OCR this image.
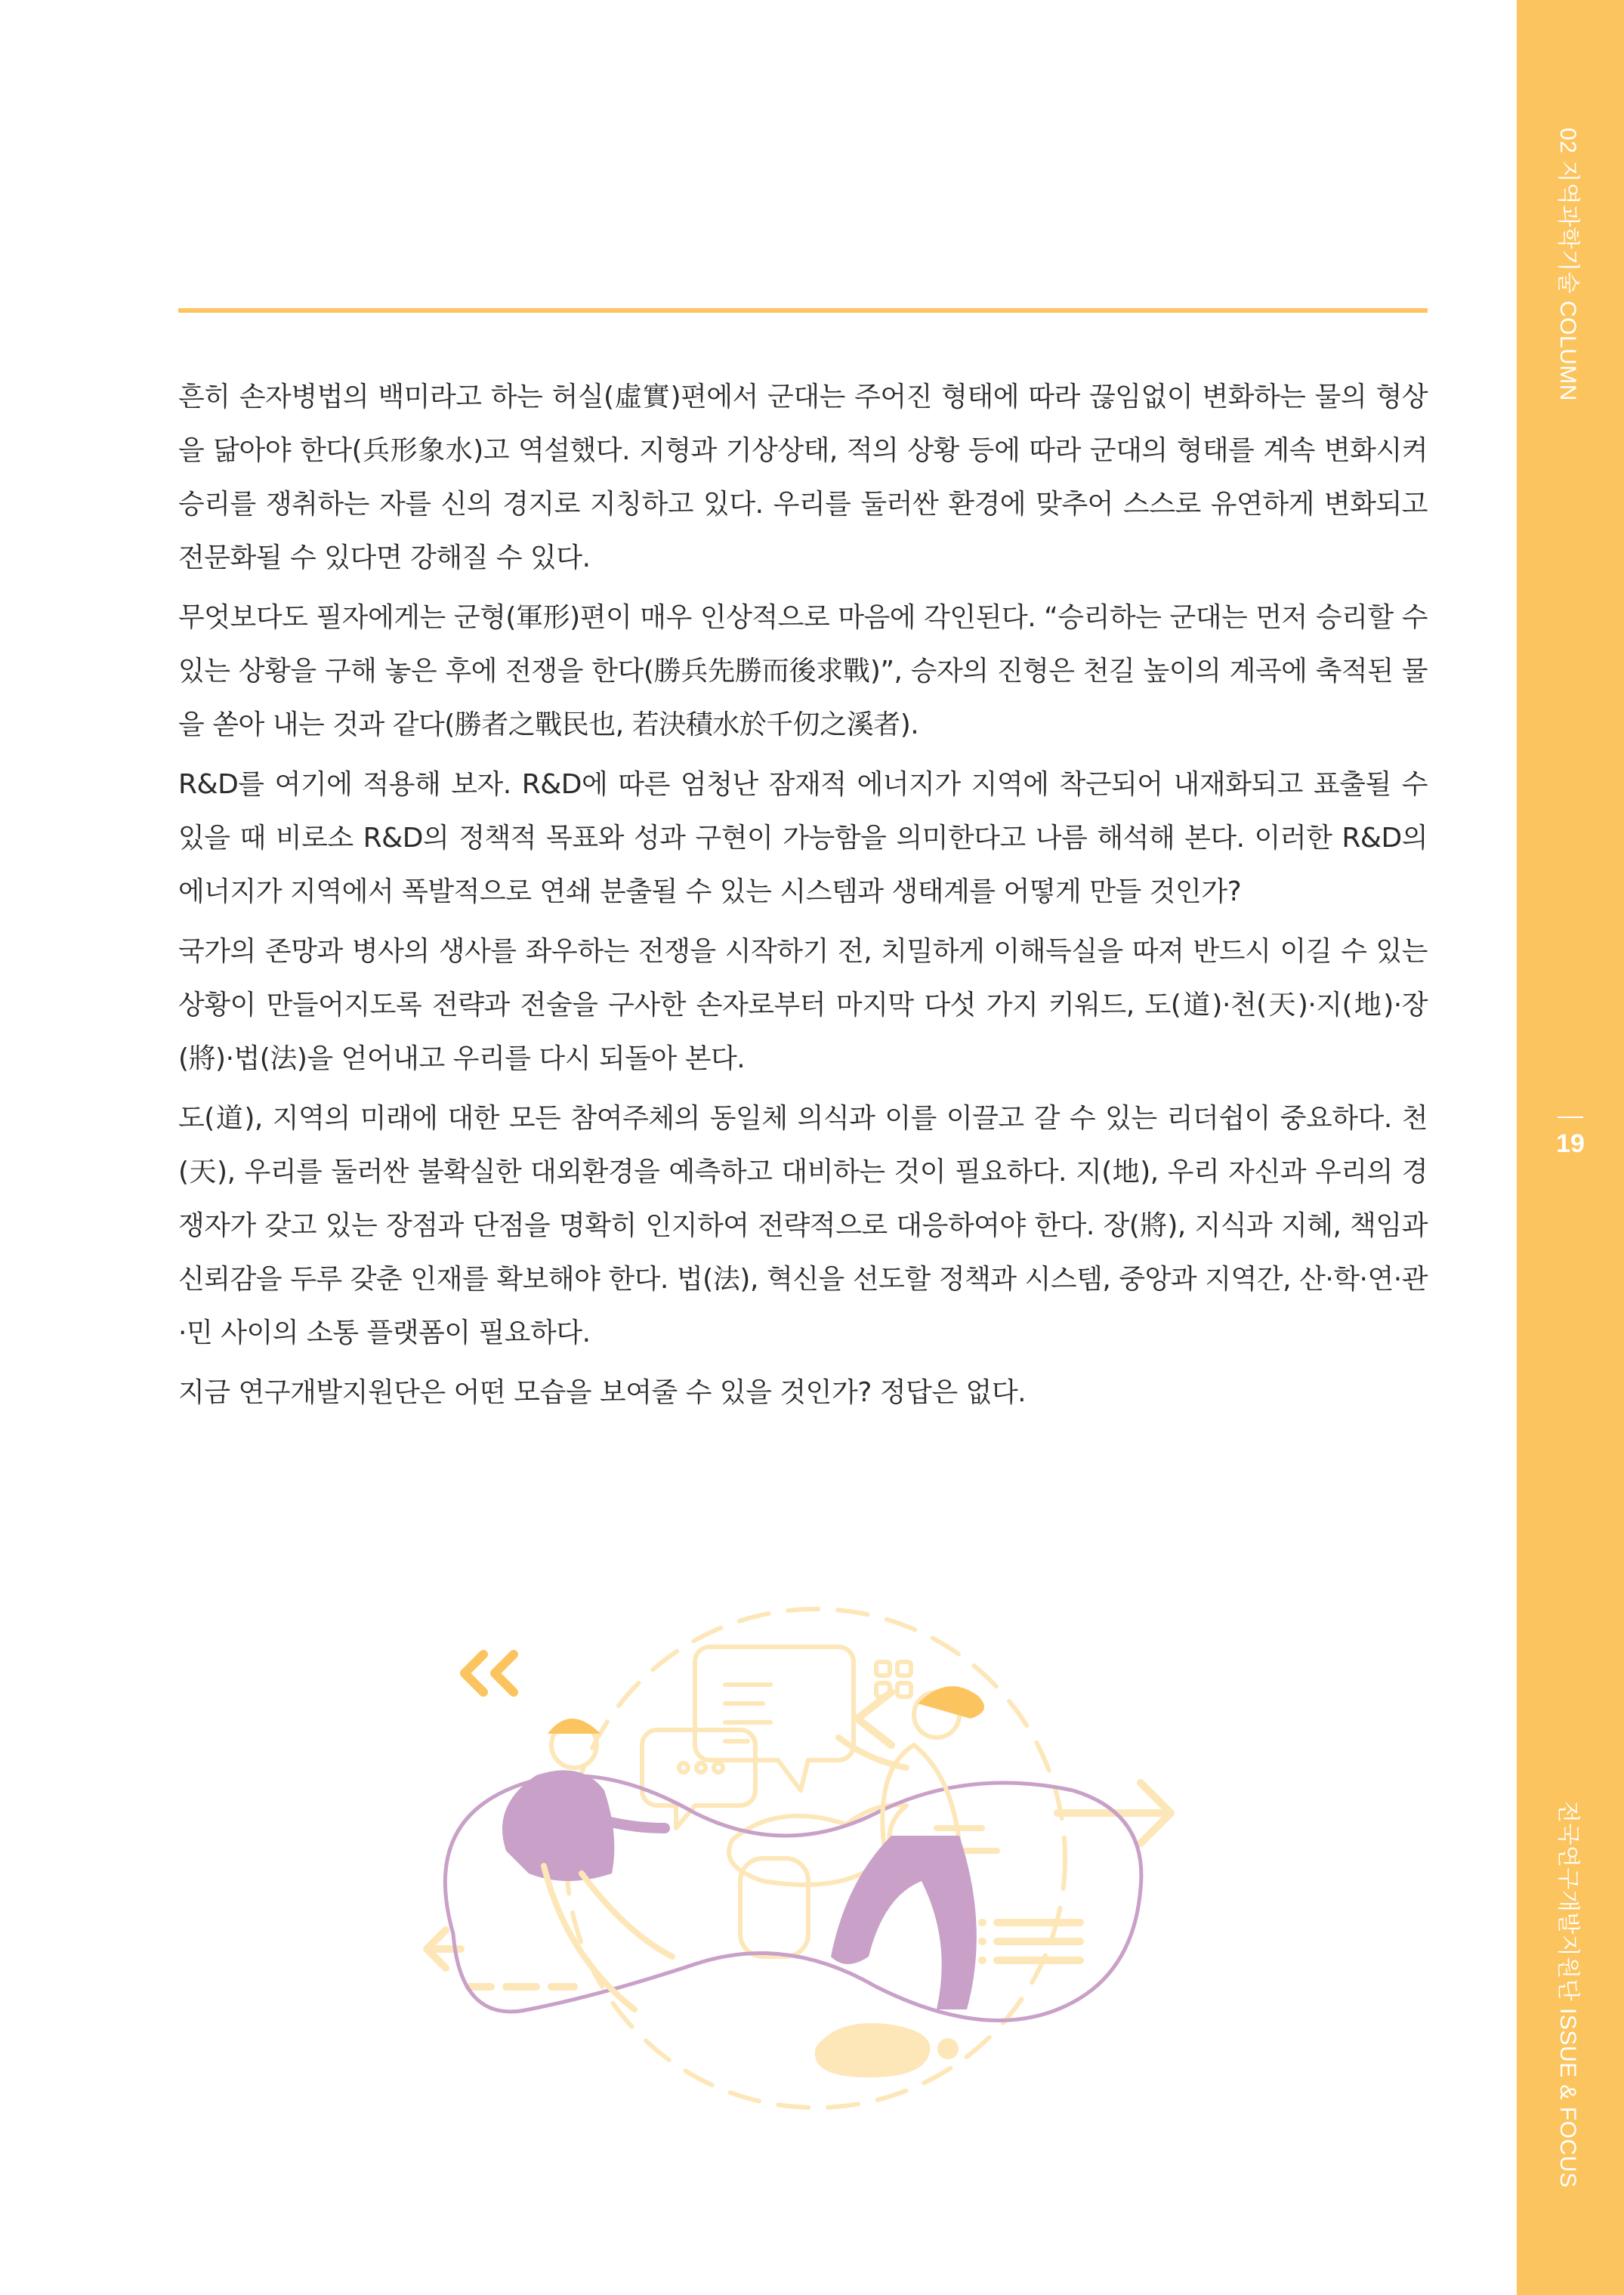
02 지역과학기술 COLUMN
19
전국연구개발지원단 ISSUE & FOCUS

흔히 손자병법의 백미라고 하는 허실(虛實)편에서 군대는 주어진 형태에 따라 끊임없이 변화하는 물의 형상을 닮아야 한다(兵形象水)고 역설했다. 지형과 기상상태, 적의 상황 등에 따라 군대의 형태를 계속 변화시켜 승리를 쟁취하는 자를 신의 경지로 지칭하고 있다. 우리를 둘러싼 환경에 맞추어 스스로 유연하게 변화되고 전문화될 수 있다면 강해질 수 있다.

무엇보다도 필자에게는 군형(軍形)편이 매우 인상적으로 마음에 각인된다. “승리하는 군대는 먼저 승리할 수 있는 상황을 구해 놓은 후에 전쟁을 한다(勝兵先勝而後求戰)”, 승자의 진형은 천길 높이의 계곡에 축적된 물을 쏟아 내는 것과 같다(勝者之戰民也, 若決積水於千仞之溪者).

R&D를 여기에 적용해 보자. R&D에 따른 엄청난 잠재적 에너지가 지역에 착근되어 내재화되고 표출될 수 있을 때 비로소 R&D의 정책적 목표와 성과 구현이 가능함을 의미한다고 나름 해석해 본다. 이러한 R&D의 에너지가 지역에서 폭발적으로 연쇄 분출될 수 있는 시스템과 생태계를 어떻게 만들 것인가?

국가의 존망과 병사의 생사를 좌우하는 전쟁을 시작하기 전, 치밀하게 이해득실을 따져 반드시 이길 수 있는 상황이 만들어지도록 전략과 전술을 구사한 손자로부터 마지막 다섯 가지 키워드, 도(道)·천(天)·지(地)·장(將)·법(法)을 얻어내고 우리를 다시 되돌아 본다.

도(道), 지역의 미래에 대한 모든 참여주체의 동일체 의식과 이를 이끌고 갈 수 있는 리더쉽이 중요하다. 천(天), 우리를 둘러싼 불확실한 대외환경을 예측하고 대비하는 것이 필요하다. 지(地), 우리 자신과 우리의 경쟁자가 갖고 있는 장점과 단점을 명확히 인지하여 전략적으로 대응하여야 한다. 장(將), 지식과 지혜, 책임과 신뢰감을 두루 갖춘 인재를 확보해야 한다. 법(法), 혁신을 선도할 정책과 시스템, 중앙과 지역간, 산·학·연·관·민 사이의 소통 플랫폼이 필요하다.

지금 연구개발지원단은 어떤 모습을 보여줄 수 있을 것인가? 정답은 없다.
